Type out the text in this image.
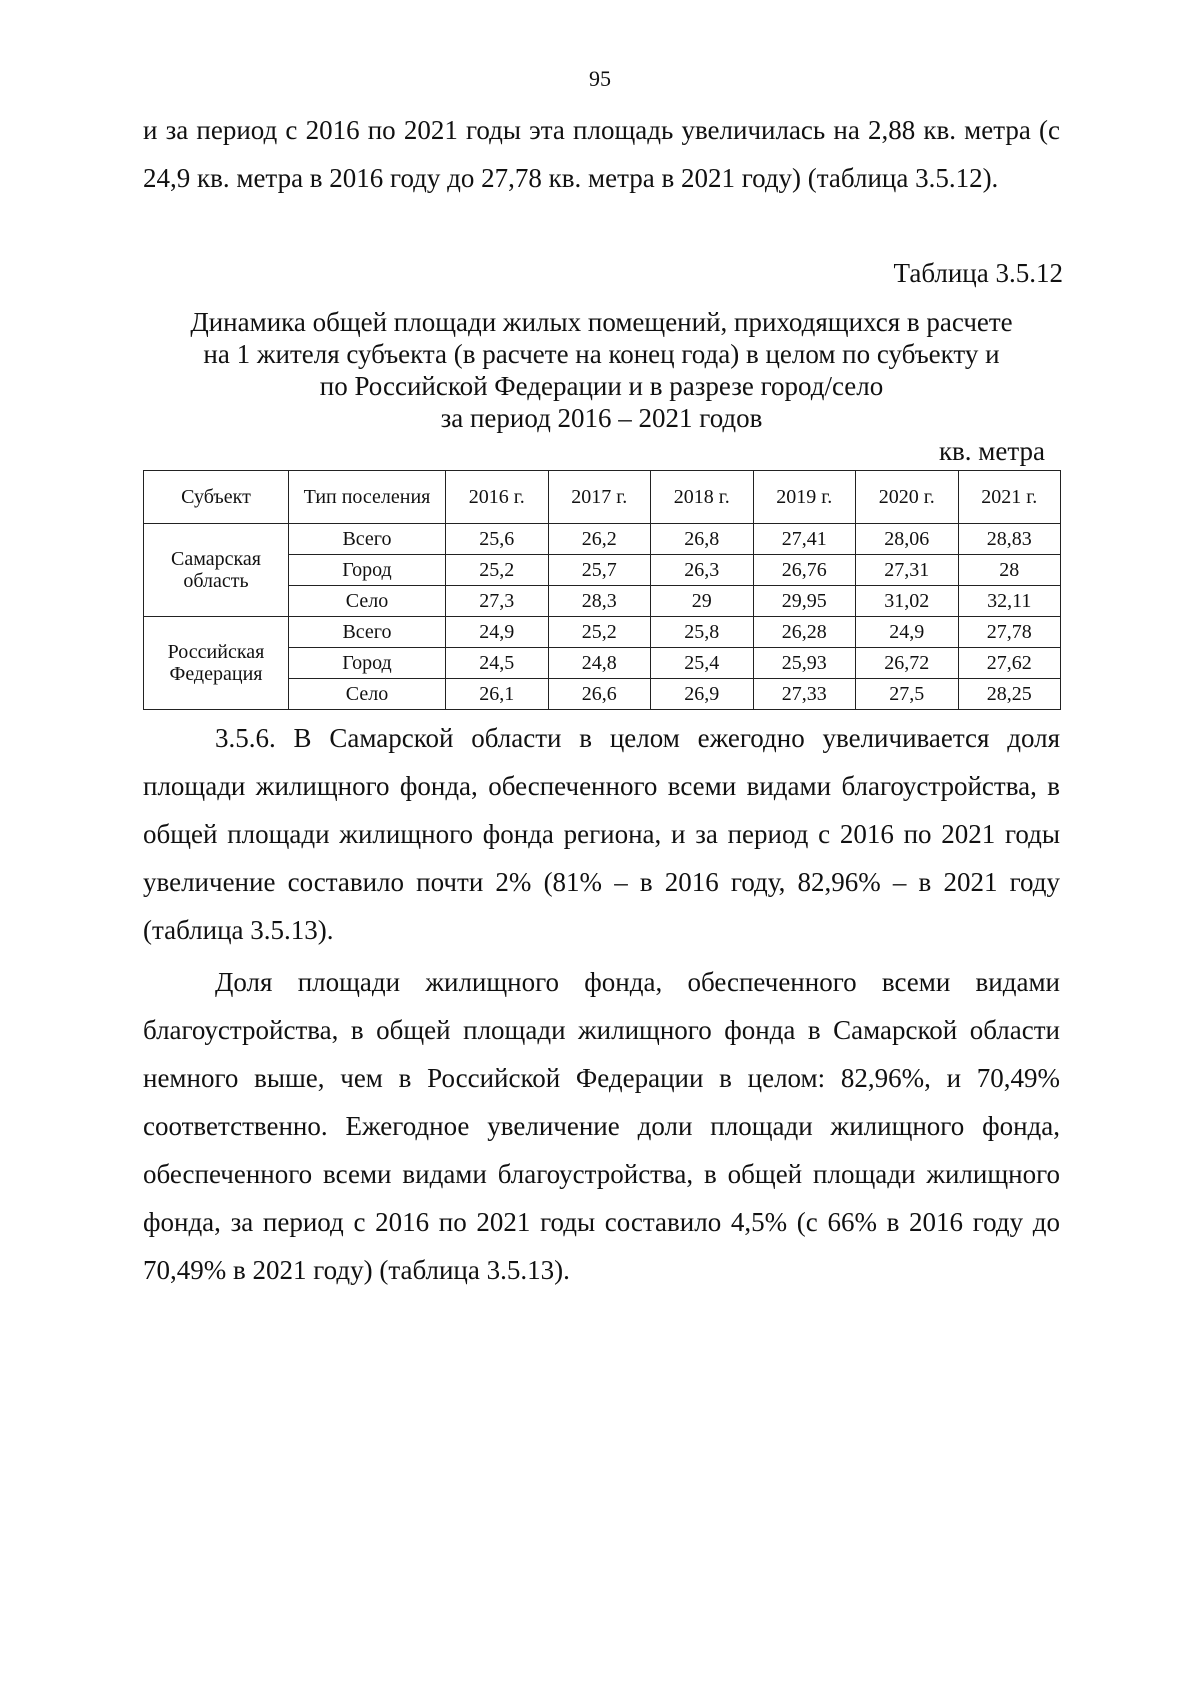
95

и за период с 2016 по 2021 годы эта площадь увеличилась на 2,88 кв. метра (с 24,9 кв. метра в 2016 году до 27,78 кв. метра в 2021 году) (таблица 3.5.12).

Таблица 3.5.12
Динамика общей площади жилых помещений, приходящихся в расчете
на 1 жителя субъекта (в расчете на конец года) в целом по субъекту и
по Российской Федерации и в разрезе город/село
за период 2016 – 2021 годов
кв. метра
Субъект	Тип поселения	2016 г.	2017 г.	2018 г.	2019 г.	2020 г.	2021 г.
Самарская область	Всего	25,6	26,2	26,8	27,41	28,06	28,83
	Город	25,2	25,7	26,3	26,76	27,31	28
	Село	27,3	28,3	29	29,95	31,02	32,11
Российская Федерация	Всего	24,9	25,2	25,8	26,28	24,9	27,78
	Город	24,5	24,8	25,4	25,93	26,72	27,62
	Село	26,1	26,6	26,9	27,33	27,5	28,25

3.5.6. В Самарской области в целом ежегодно увеличивается доля площади жилищного фонда, обеспеченного всеми видами благоустройства, в общей площади жилищного фонда региона, и за период с 2016 по 2021 годы увеличение составило почти 2% (81% – в 2016 году, 82,96% – в 2021 году (таблица 3.5.13).

Доля площади жилищного фонда, обеспеченного всеми видами благоустройства, в общей площади жилищного фонда в Самарской области немного выше, чем в Российской Федерации в целом: 82,96%, и 70,49% соответственно. Ежегодное увеличение доли площади жилищного фонда, обеспеченного всеми видами благоустройства, в общей площади жилищного фонда, за период с 2016 по 2021 годы составило 4,5% (с 66% в 2016 году до 70,49% в 2021 году) (таблица 3.5.13).
